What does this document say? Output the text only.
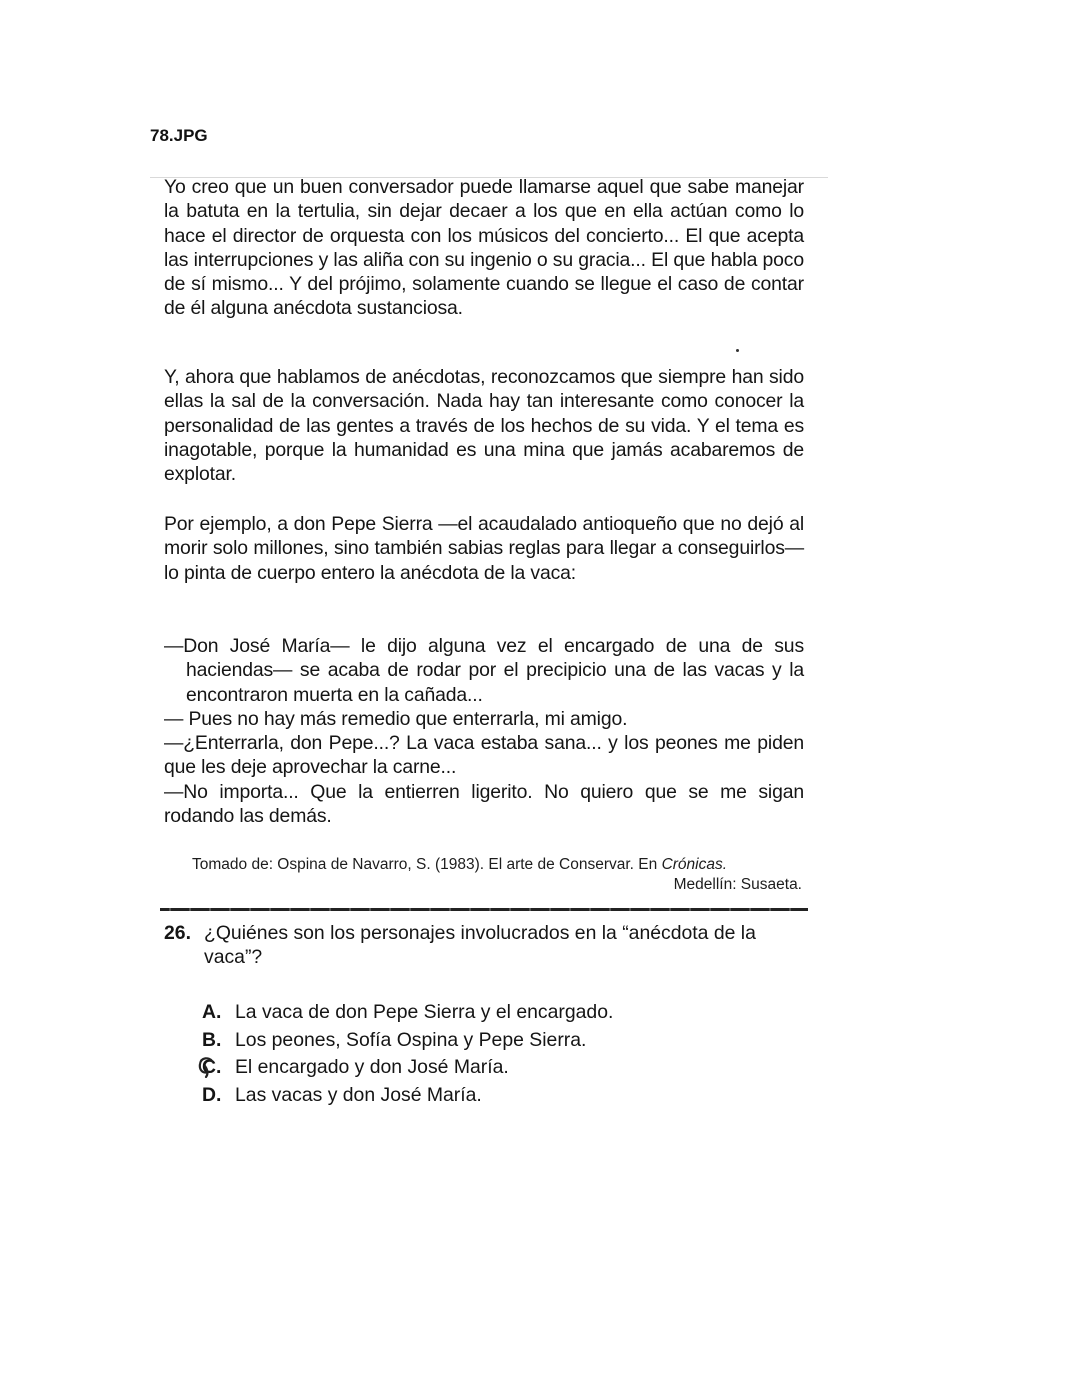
78.JPG

Yo creo que un buen conversador puede llamarse aquel que sabe manejar la batuta en la tertulia, sin dejar decaer a los que en ella actúan como lo hace el director de orquesta con los músicos del concierto... El que acepta las interrupciones y las aliña con su ingenio o su gracia... El que habla poco de sí mismo... Y del prójimo, solamente cuando se llegue el caso de contar de él alguna anécdota sustanciosa.

Y, ahora que hablamos de anécdotas, reconozcamos que siempre han sido ellas la sal de la conversación. Nada hay tan interesante como conocer la personalidad de las gentes a través de los hechos de su vida. Y el tema es inagotable, porque la humanidad es una mina que jamás acabaremos de explotar.

Por ejemplo, a don Pepe Sierra —el acaudalado antioqueño que no dejó al morir solo millones, sino también sabias reglas para llegar a conseguirlos— lo pinta de cuerpo entero la anécdota de la vaca:

—Don José María— le dijo alguna vez el encargado de una de sus haciendas— se acaba de rodar por el precipicio una de las vacas y la encontraron muerta en la cañada...

— Pues no hay más remedio que enterrarla, mi amigo.

—¿Enterrarla, don Pepe...? La vaca estaba sana... y los peones me piden que les deje aprovechar la carne...

—No importa... Que la entierren ligerito. No quiero que se me sigan rodando las demás.

Tomado de: Ospina de Navarro, S. (1983). El arte de Conservar. En Crónicas.
Medellín: Susaeta.
26. ¿Quiénes son los personajes involucrados en la “anécdota de la vaca”?
A. La vaca de don Pepe Sierra y el encargado.
B. Los peones, Sofía Ospina y Pepe Sierra.
C. El encargado y don José María.
D. Las vacas y don José María.
